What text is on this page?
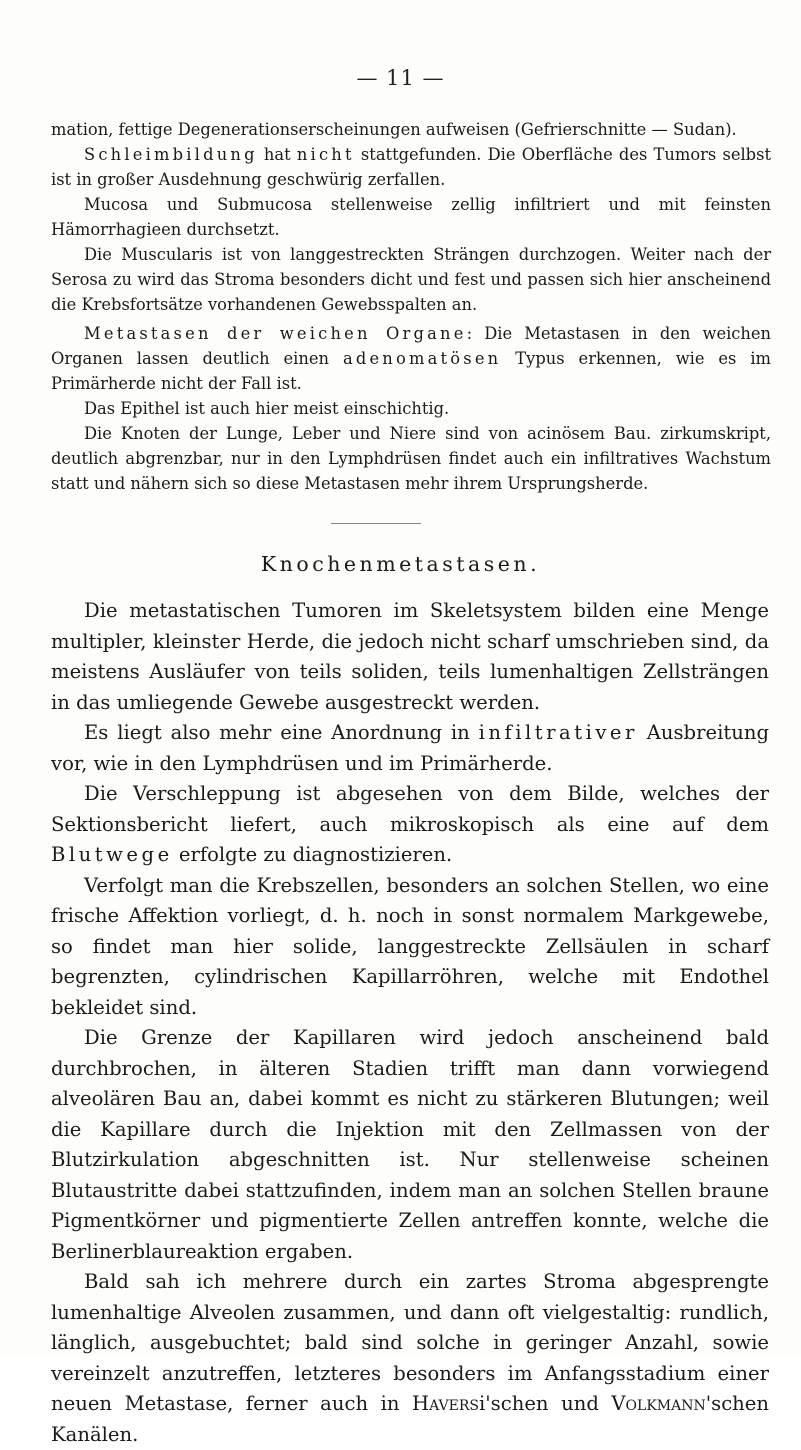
— 11 —

mation, fettige Degenerationserscheinungen aufweisen (Gefrierschnitte — Sudan).

Schleimbildung hat nicht stattgefunden. Die Oberfläche des Tumors selbst ist in großer Ausdehnung geschwürig zerfallen.

Mucosa und Submucosa stellenweise zellig infiltriert und mit feinsten Hämorrhagieen durchsetzt.

Die Muscularis ist von langgestreckten Strängen durchzogen. Weiter nach der Serosa zu wird das Stroma besonders dicht und fest und passen sich hier anscheinend die Krebsfortsätze vorhandenen Gewebsspalten an.

Metastasen der weichen Organe: Die Metastasen in den weichen Organen lassen deutlich einen adenomatösen Typus erkennen, wie es im Primärherde nicht der Fall ist.

Das Epithel ist auch hier meist einschichtig.

Die Knoten der Lunge, Leber und Niere sind von acinösem Bau. zirkumskript, deutlich abgrenzbar, nur in den Lymphdrüsen findet auch ein infiltratives Wachstum statt und nähern sich so diese Metastasen mehr ihrem Ursprungsherde.

Knochenmetastasen.

Die metastatischen Tumoren im Skeletsystem bilden eine Menge multipler, kleinster Herde, die jedoch nicht scharf umschrieben sind, da meistens Ausläufer von teils soliden, teils lumenhaltigen Zellsträngen in das umliegende Gewebe ausgestreckt werden.

Es liegt also mehr eine Anordnung in infiltrativer Ausbreitung vor, wie in den Lymphdrüsen und im Primärherde.

Die Verschleppung ist abgesehen von dem Bilde, welches der Sektionsbericht liefert, auch mikroskopisch als eine auf dem Blutwege erfolgte zu diagnostizieren.

Verfolgt man die Krebszellen, besonders an solchen Stellen, wo eine frische Affektion vorliegt, d. h. noch in sonst normalem Markgewebe, so findet man hier solide, langgestreckte Zellsäulen in scharf begrenzten, cylindrischen Kapillarröhren, welche mit Endothel bekleidet sind.

Die Grenze der Kapillaren wird jedoch anscheinend bald durchbrochen, in älteren Stadien trifft man dann vorwiegend alveolären Bau an, dabei kommt es nicht zu stärkeren Blutungen; weil die Kapillare durch die Injektion mit den Zellmassen von der Blutzirkulation abgeschnitten ist. Nur stellenweise scheinen Blutaustritte dabei stattzufinden, indem man an solchen Stellen braune Pigmentkörner und pigmentierte Zellen antreffen konnte, welche die Berlinerblaureaktion ergaben.

Bald sah ich mehrere durch ein zartes Stroma abgesprengte lumenhaltige Alveolen zusammen, und dann oft vielgestaltig: rundlich, länglich, ausgebuchtet; bald sind solche in geringer Anzahl, sowie vereinzelt anzutreffen, letzteres besonders im Anfangsstadium einer neuen Metastase, ferner auch in Haversi'schen und Volkmann'schen Kanälen.
